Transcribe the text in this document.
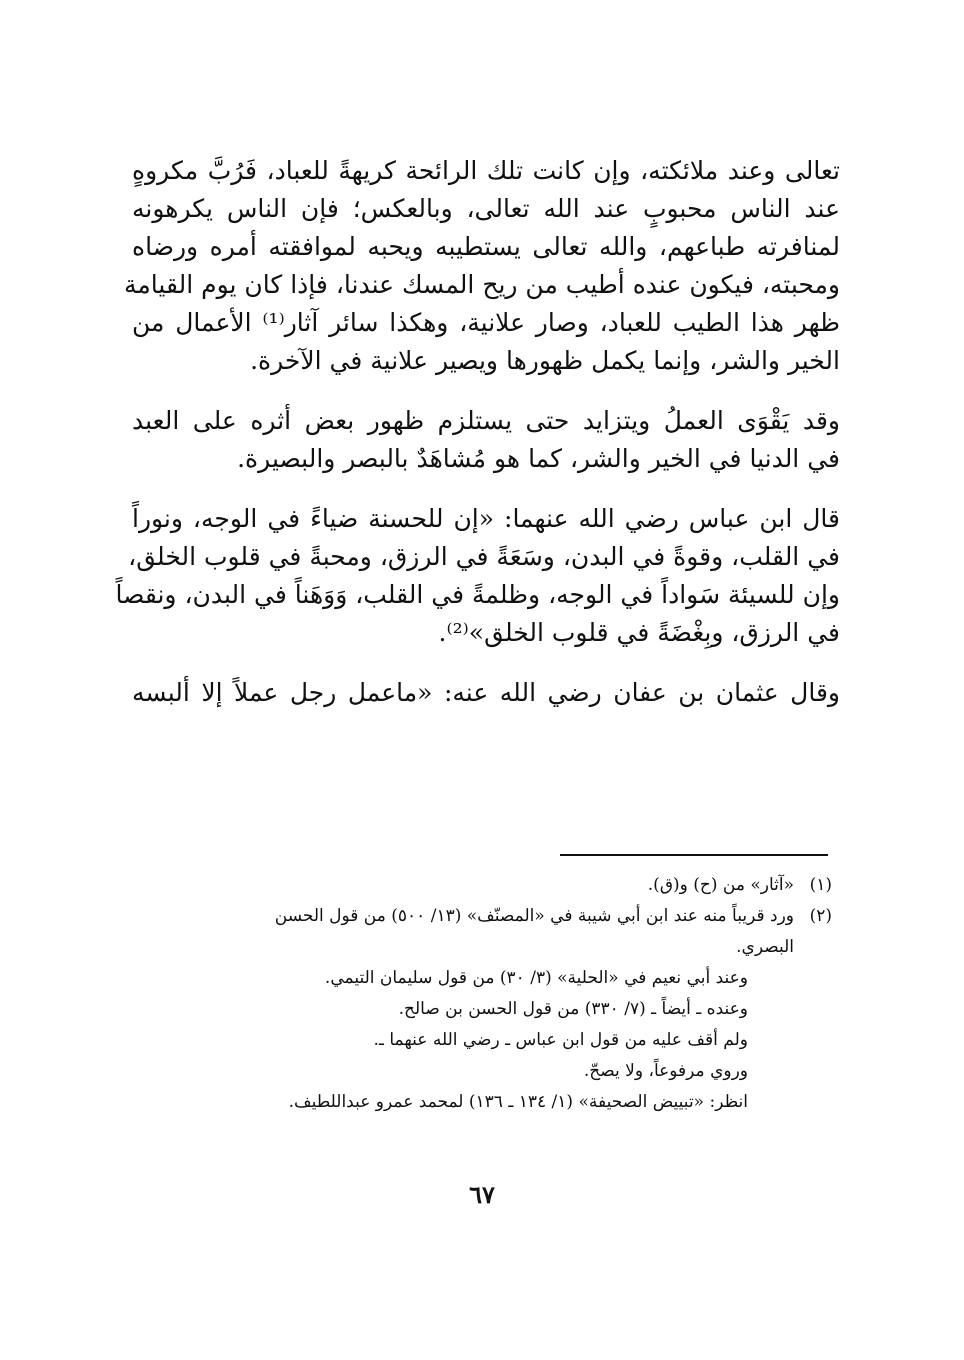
تعالى وعند ملائكته، وإن كانت تلك الرائحة كريهةً للعباد، فَرُبَّ مكروهٍ
عند الناس محبوبٍ عند الله تعالى، وبالعكس؛ فإن الناس يكرهونه
لمنافرته طباعهم، والله تعالى يستطيبه ويحبه لموافقته أمره ورضاه
ومحبته، فيكون عنده أطيب من ريح المسك عندنا، فإذا كان يوم القيامة
ظهر هذا الطيب للعباد، وصار علانية، وهكذا سائر آثار⁽¹⁾ الأعمال من
الخير والشر، وإنما يكمل ظهورها ويصير علانية في الآخرة.

وقد يَقْوَى العملُ ويتزايد حتى يستلزم ظهور بعض أثره على العبد
في الدنيا في الخير والشر، كما هو مُشاهَدٌ بالبصر والبصيرة.

قال ابن عباس رضي الله عنهما: «إن للحسنة ضياءً في الوجه، ونوراً
في القلب، وقوةً في البدن، وسَعَةً في الرزق، ومحبةً في قلوب الخلق،
وإن للسيئة سَواداً في الوجه، وظلمةً في القلب، وَوَهَناً في البدن، ونقصاً
في الرزق، وبِغْضَةً في قلوب الخلق»⁽²⁾.

وقال عثمان بن عفان رضي الله عنه: «ماعمل رجل عملاً إلا ألبسه

(١)«آثار» من (ح) و(ق).
(٢)ورد قريباً منه عند ابن أبي شيبة في «المصنّف» (١٣/ ٥٠٠) من قول الحسن
البصري.
وعند أبي نعيم في «الحلية» (٣/ ٣٠) من قول سليمان التيمي.
وعنده ـ أيضاً ـ (٧/ ٣٣٠) من قول الحسن بن صالح.
ولم أقف عليه من قول ابن عباس ـ رضي الله عنهما ـ.
وروي مرفوعاً، ولا يصحّ.
انظر: «تبييض الصحيفة» (١/ ١٣٤ ـ ١٣٦) لمحمد عمرو عبداللطيف.
٦٧
